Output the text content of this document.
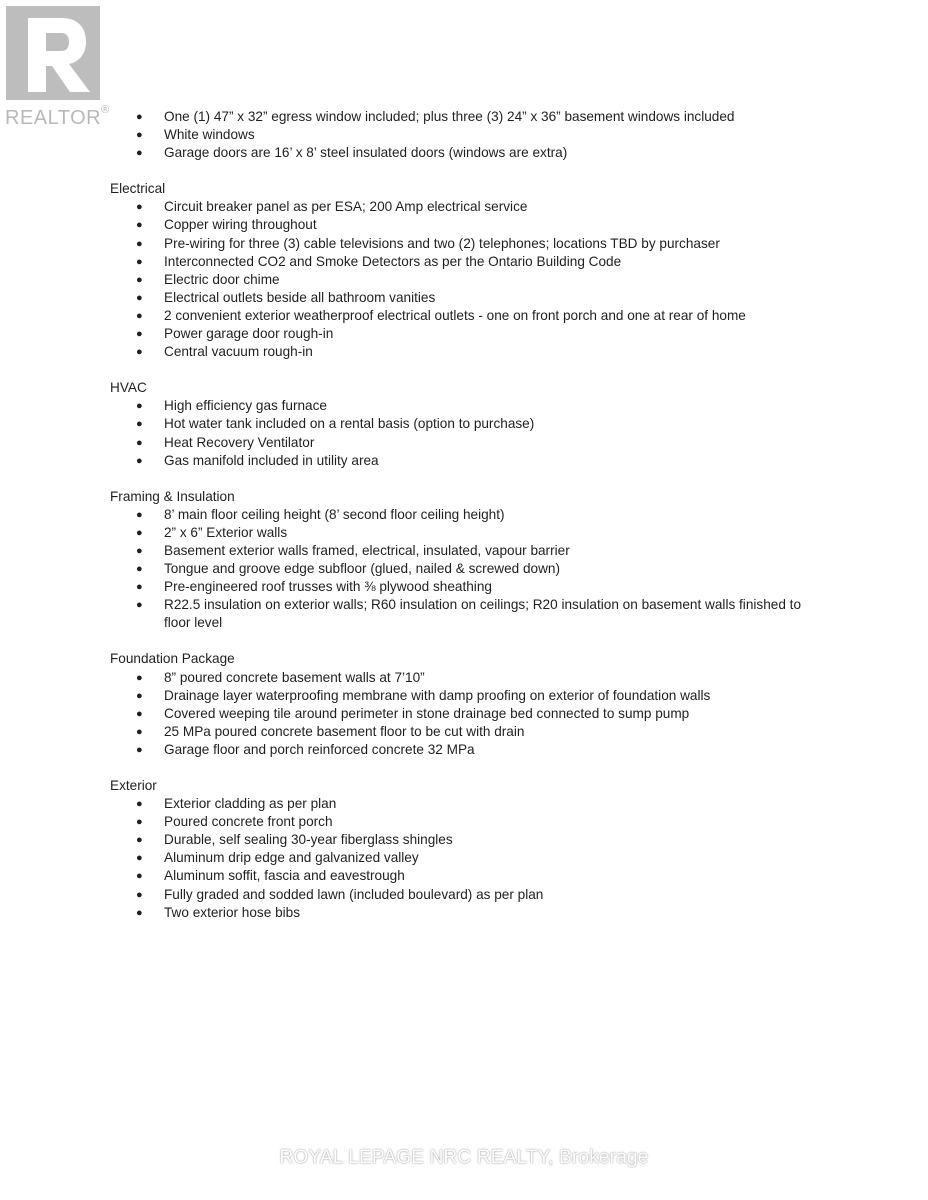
REALTOR®
● One (1) 47” x 32” egress window included; plus three (3) 24” x 36” basement windows included
● White windows
● Garage doors are 16’ x 8’ steel insulated doors (windows are extra)
Electrical
● Circuit breaker panel as per ESA; 200 Amp electrical service
● Copper wiring throughout
● Pre-wiring for three (3) cable televisions and two (2) telephones; locations TBD by purchaser
● Interconnected CO2 and Smoke Detectors as per the Ontario Building Code
● Electric door chime
● Electrical outlets beside all bathroom vanities
● 2 convenient exterior weatherproof electrical outlets - one on front porch and one at rear of home
● Power garage door rough-in
● Central vacuum rough-in
HVAC
● High efficiency gas furnace
● Hot water tank included on a rental basis (option to purchase)
● Heat Recovery Ventilator
● Gas manifold included in utility area
Framing & Insulation
● 8’ main floor ceiling height (8’ second floor ceiling height)
● 2” x 6” Exterior walls
● Basement exterior walls framed, electrical, insulated, vapour barrier
● Tongue and groove edge subfloor (glued, nailed & screwed down)
● Pre-engineered roof trusses with ⅜ plywood sheathing
● R22.5 insulation on exterior walls; R60 insulation on ceilings; R20 insulation on basement walls finished to floor level
Foundation Package
● 8” poured concrete basement walls at 7’10”
● Drainage layer waterproofing membrane with damp proofing on exterior of foundation walls
● Covered weeping tile around perimeter in stone drainage bed connected to sump pump
● 25 MPa poured concrete basement floor to be cut with drain
● Garage floor and porch reinforced concrete 32 MPa
Exterior
● Exterior cladding as per plan
● Poured concrete front porch
● Durable, self sealing 30-year fiberglass shingles
● Aluminum drip edge and galvanized valley
● Aluminum soffit, fascia and eavestrough
● Fully graded and sodded lawn (included boulevard) as per plan
● Two exterior hose bibs
ROYAL LEPAGE NRC REALTY, Brokerage
